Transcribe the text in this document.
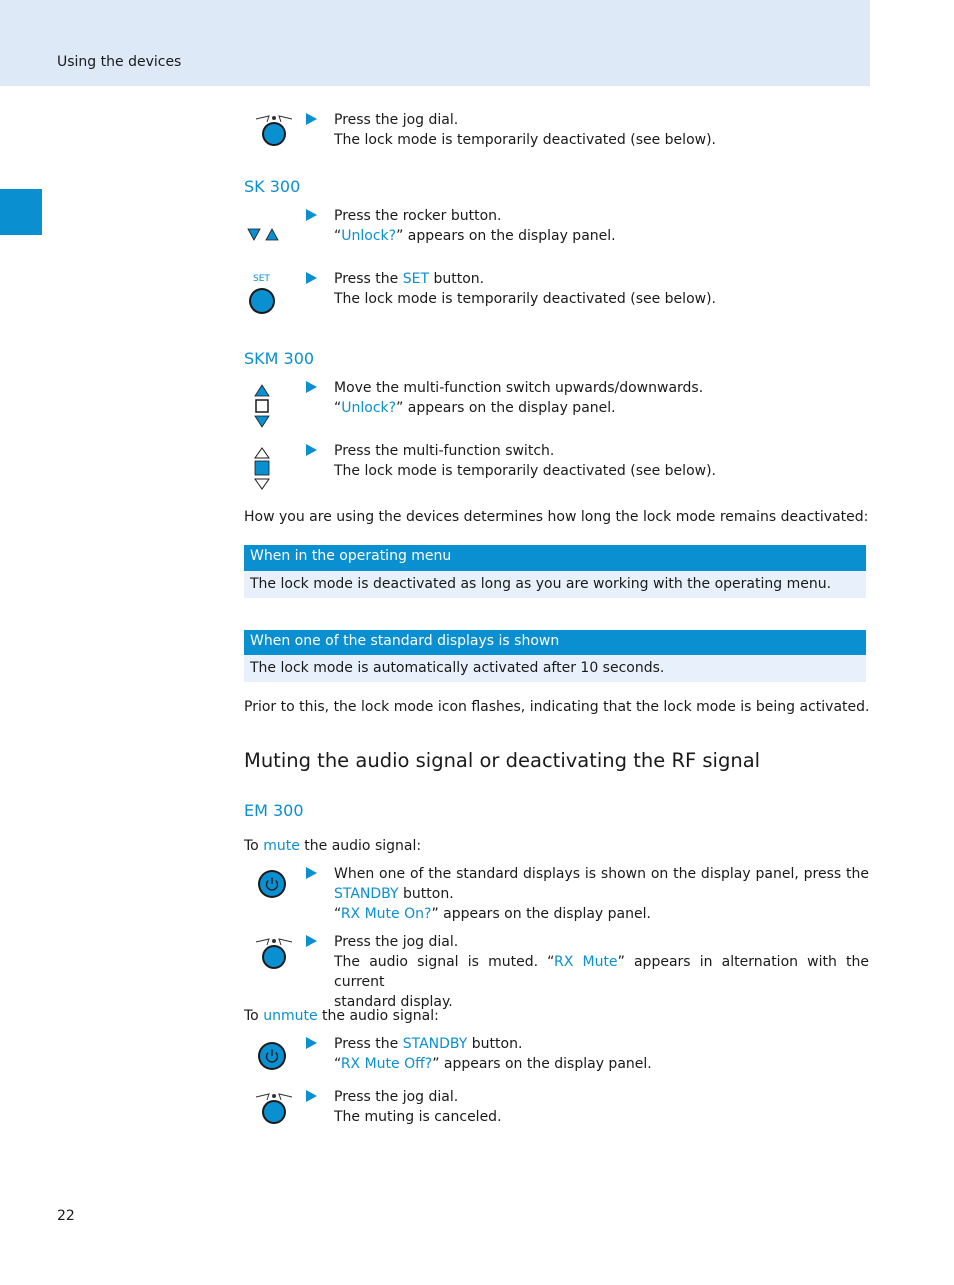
Using the devices
Press the jog dial.
The lock mode is temporarily deactivated (see below).
SK 300
Press the rocker button.
“Unlock?” appears on the display panel.
SET	Press the SET button.
The lock mode is temporarily deactivated (see below).
SKM 300
Move the multi-function switch upwards/downwards.
“Unlock?” appears on the display panel.
Press the multi-function switch.
The lock mode is temporarily deactivated (see below).
How you are using the devices determines how long the lock mode remains deactivated:
When in the operating menu
The lock mode is deactivated as long as you are working with the operating menu.
When one of the standard displays is shown
The lock mode is automatically activated after 10 seconds.
Prior to this, the lock mode icon flashes, indicating that the lock mode is being activated.
Muting the audio signal or deactivating the RF signal
EM 300
To mute the audio signal:
When one of the standard displays is shown on the display panel, press the
STANDBY button.
“RX Mute On?” appears on the display panel.
Press the jog dial.
The audio signal is muted. “RX Mute” appears in alternation with the current
standard display.
To unmute the audio signal:
Press the STANDBY button.
“RX Mute Off?” appears on the display panel.
Press the jog dial.
The muting is canceled.
22
